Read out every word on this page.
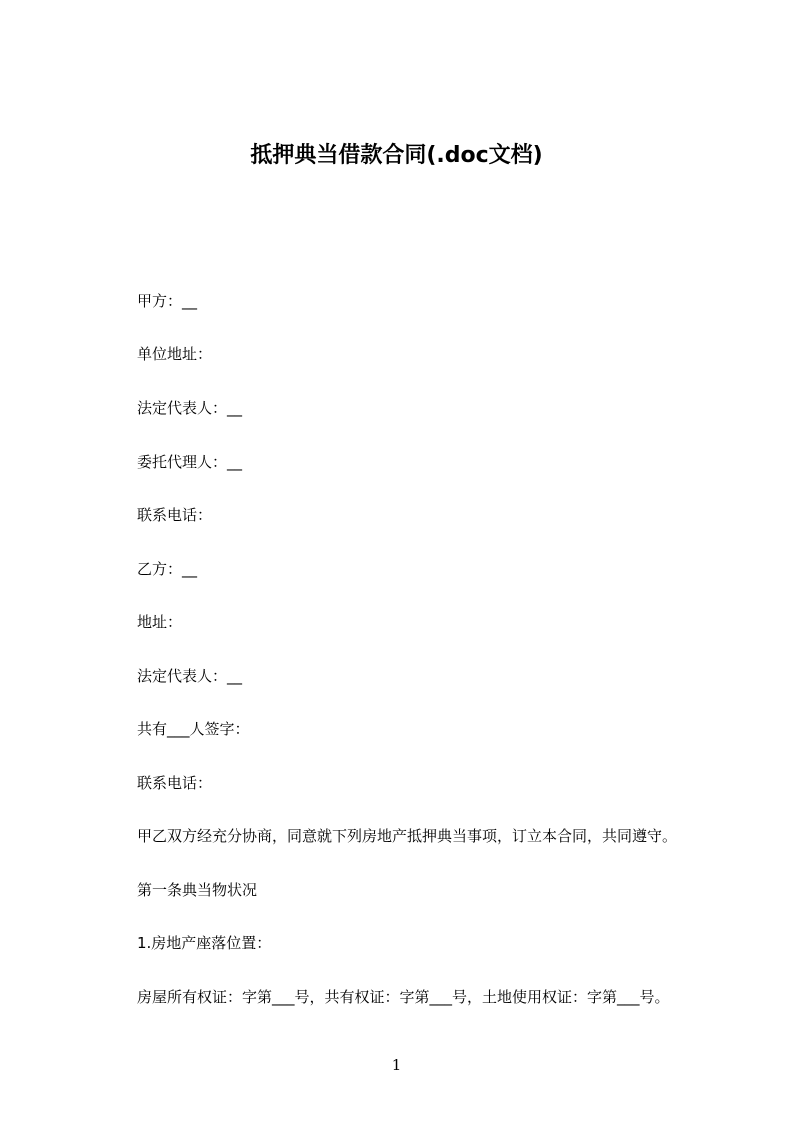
抵押典当借款合同(.doc文档)
甲方：__
单位地址：
法定代表人：__
委托代理人：__
联系电话：
乙方：__
地址：
法定代表人：__
共有___人签字：
联系电话：
甲乙双方经充分协商，同意就下列房地产抵押典当事项，订立本合同，共同遵守。
第一条典当物状况
1.房地产座落位置：
房屋所有权证：字第___号，共有权证：字第___号，土地使用权证：字第___号。
1
